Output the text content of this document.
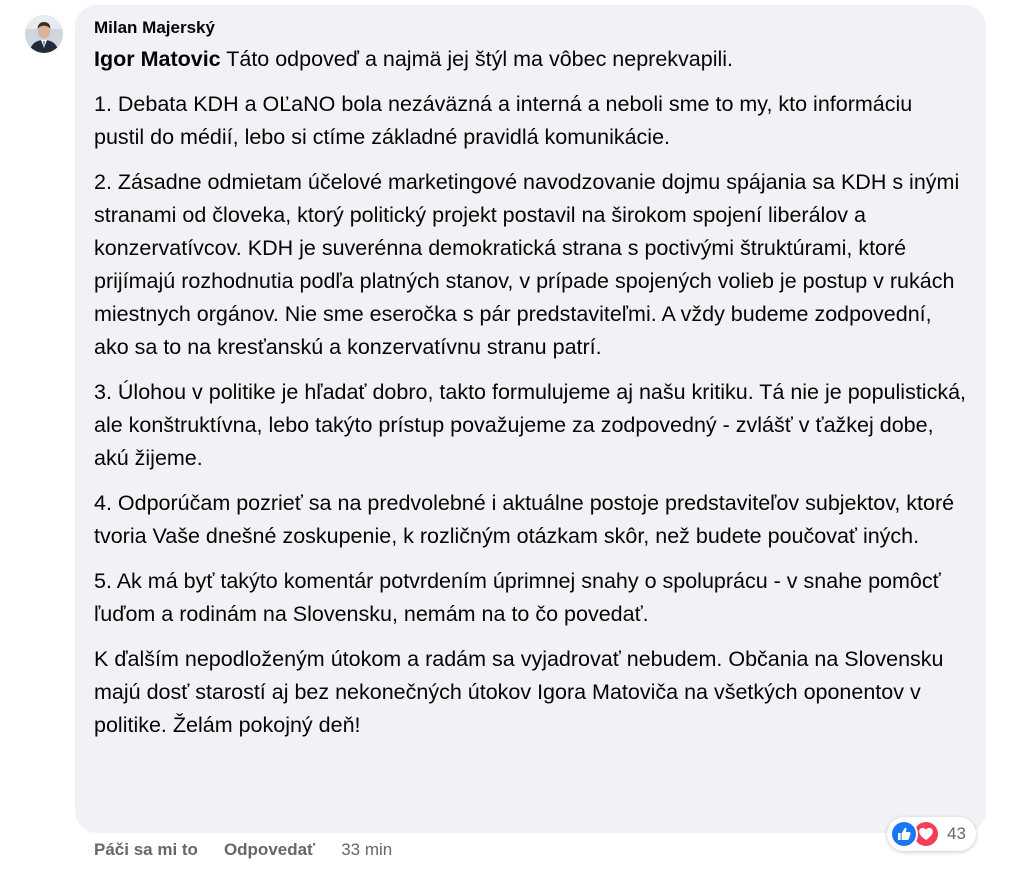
Milan Majerský

Igor Matovic Táto odpoveď a najmä jej štýl ma vôbec neprekvapili.

1. Debata KDH a OĽaNO bola nezáväzná a interná a neboli sme to my, kto informáciu pustil do médií, lebo si ctíme základné pravidlá komunikácie.

2. Zásadne odmietam účelové marketingové navodzovanie dojmu spájania sa KDH s inými stranami od človeka, ktorý politický projekt postavil na širokom spojení liberálov a konzervatívcov. KDH je suverénna demokratická strana s poctivými štruktúrami, ktoré prijímajú rozhodnutia podľa platných stanov, v prípade spojených volieb je postup v rukách miestnych orgánov. Nie sme eseročka s pár predstaviteľmi. A vždy budeme zodpovední, ako sa to na kresťanskú a konzervatívnu stranu patrí.

3. Úlohou v politike je hľadať dobro, takto formulujeme aj našu kritiku. Tá nie je populistická, ale konštruktívna, lebo takýto prístup považujeme za zodpovedný - zvlášť v ťažkej dobe, akú žijeme.

4. Odporúčam pozrieť sa na predvolebné i aktuálne postoje predstaviteľov subjektov, ktoré tvoria Vaše dnešné zoskupenie, k rozličným otázkam skôr, než budete poučovať iných.

5. Ak má byť takýto komentár potvrdením úprimnej snahy o spoluprácu - v snahe pomôcť ľuďom a rodinám na Slovensku, nemám na to čo povedať.

K ďalším nepodloženým útokom a radám sa vyjadrovať nebudem. Občania na Slovensku majú dosť starostí aj bez nekonečných útokov Igora Matoviča na všetkých oponentov v politike. Želám pokojný deň!

43
Páči sa mi to Odpovedať 33 min
